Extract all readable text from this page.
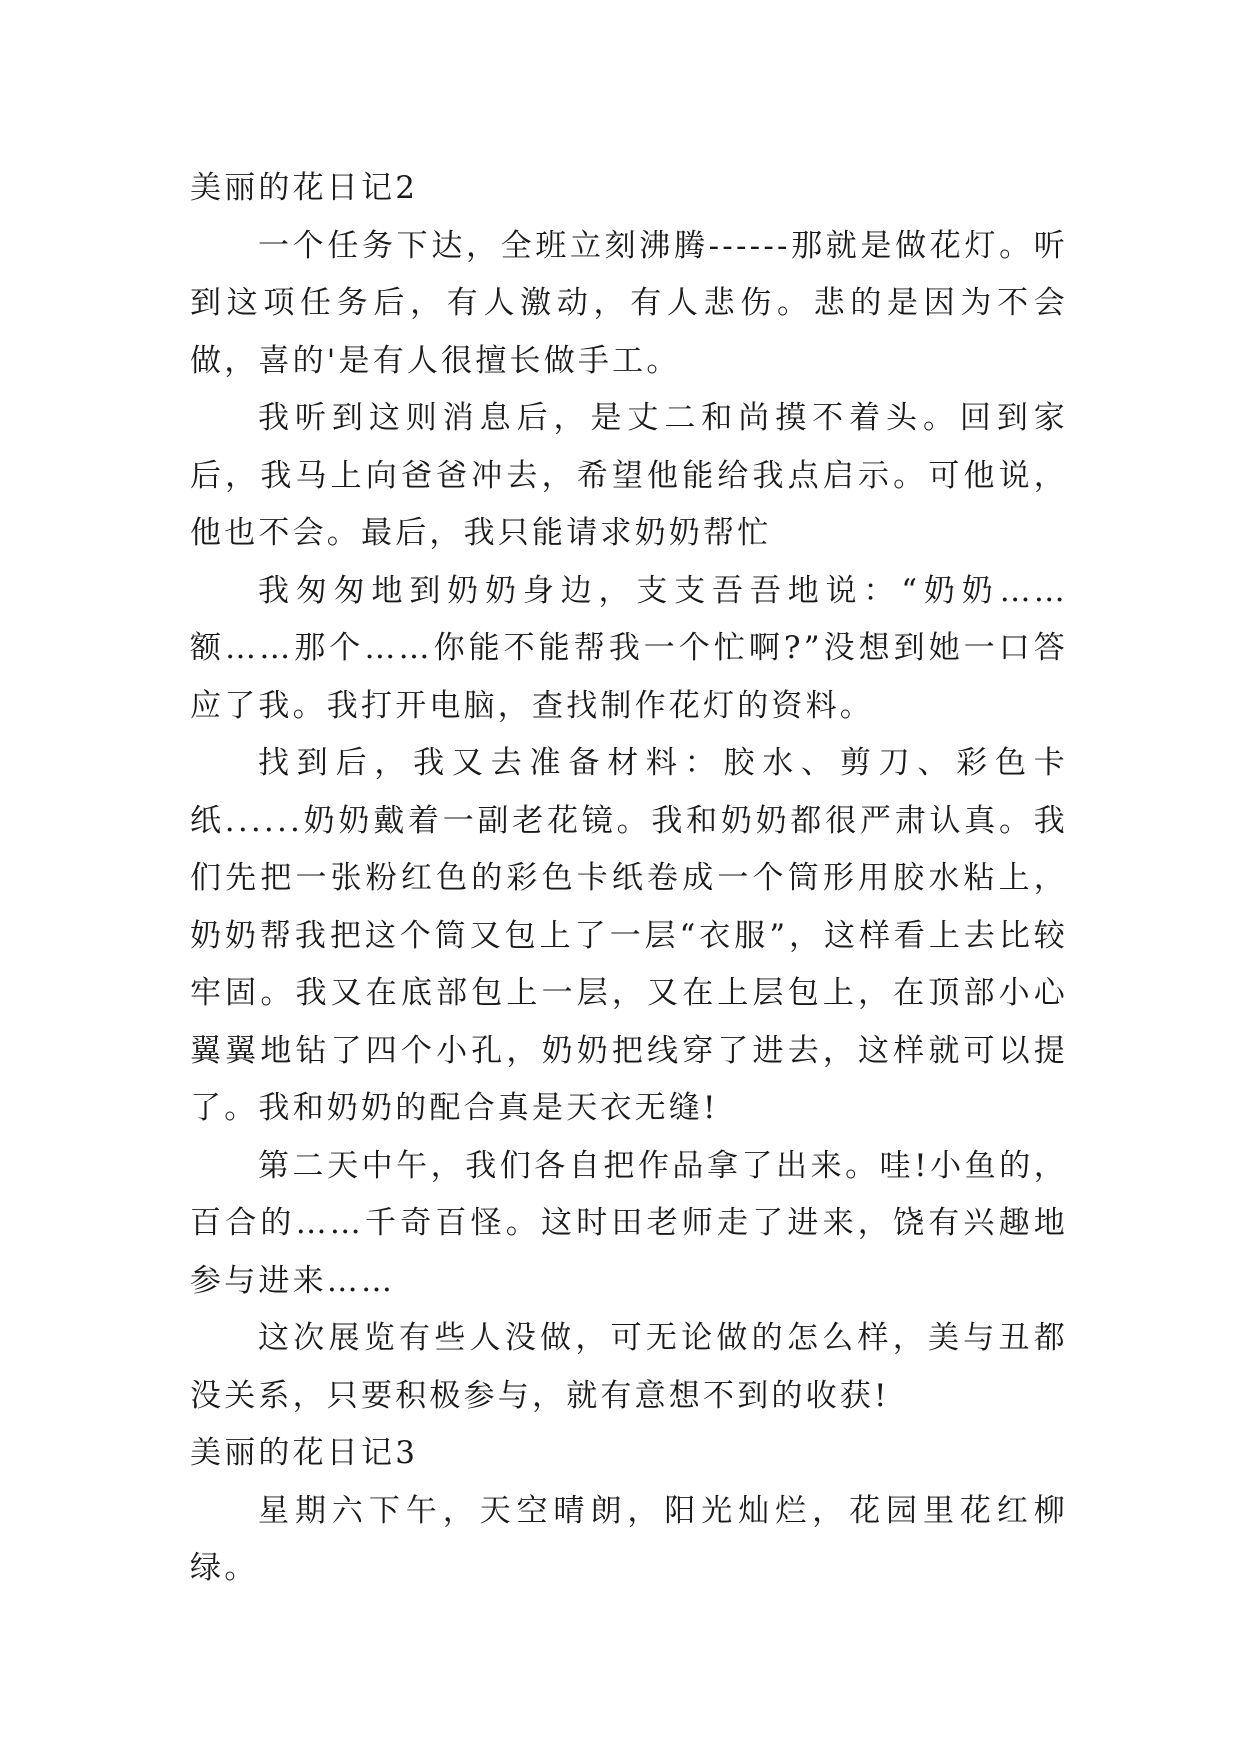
美丽的花日记2

一个任务下达，全班立刻沸腾------那就是做花灯。听到这项任务后，有人激动，有人悲伤。悲的是因为不会做，喜的'是有人很擅长做手工。

我听到这则消息后，是丈二和尚摸不着头。回到家后，我马上向爸爸冲去，希望他能给我点启示。可他说，他也不会。最后，我只能请求奶奶帮忙

我匆匆地到奶奶身边，支支吾吾地说：“奶奶……额……那个……你能不能帮我一个忙啊?”没想到她一口答应了我。我打开电脑，查找制作花灯的资料。

找到后，我又去准备材料：胶水、剪刀、彩色卡纸......奶奶戴着一副老花镜。我和奶奶都很严肃认真。我们先把一张粉红色的彩色卡纸卷成一个筒形用胶水粘上，奶奶帮我把这个筒又包上了一层“衣服”，这样看上去比较牢固。我又在底部包上一层，又在上层包上，在顶部小心翼翼地钻了四个小孔，奶奶把线穿了进去，这样就可以提了。我和奶奶的配合真是天衣无缝!

第二天中午，我们各自把作品拿了出来。哇!小鱼的，百合的……千奇百怪。这时田老师走了进来，饶有兴趣地参与进来……

这次展览有些人没做，可无论做的怎么样，美与丑都没关系，只要积极参与，就有意想不到的收获!

美丽的花日记3

星期六下午，天空晴朗，阳光灿烂，花园里花红柳绿。
